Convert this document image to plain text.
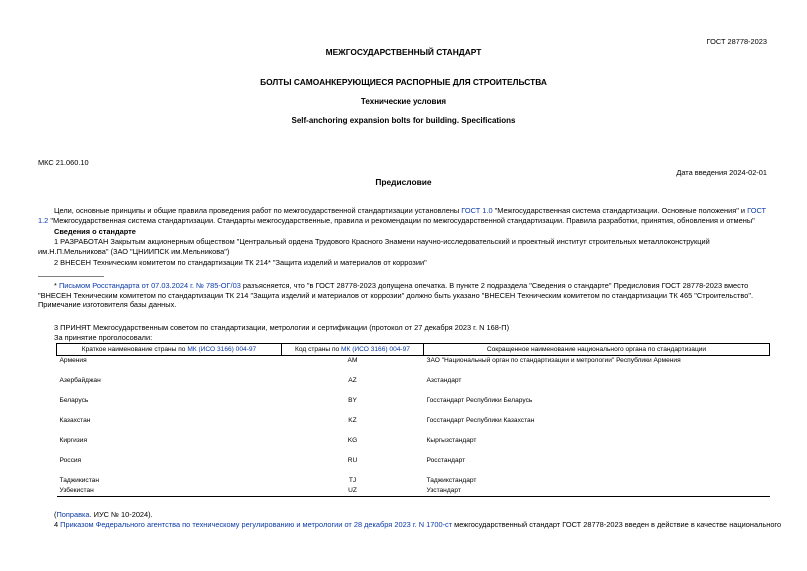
ГОСТ 28778-2023
МЕЖГОСУДАРСТВЕННЫЙ СТАНДАРТ
БОЛТЫ САМОАНКЕРУЮЩИЕСЯ РАСПОРНЫЕ ДЛЯ СТРОИТЕЛЬСТВА
Технические условия
Self-anchoring expansion bolts for building. Specifications
МКС 21.060.10
Дата введения 2024-02-01
Предисловие
Цели, основные принципы и общие правила проведения работ по межгосударственной стандартизации установлены ГОСТ 1.0 "Межгосударственная система стандартизации. Основные положения" и ГОСТ 1.2 "Межгосударственная система стандартизации. Стандарты межгосударственные, правила и рекомендации по межгосударственной стандартизации. Правила разработки, принятия, обновления и отмены"
Сведения о стандарте
1 РАЗРАБОТАН Закрытым акционерным обществом "Центральный ордена Трудового Красного Знамени научно-исследовательский и проектный институт строительных металлоконструкций им.Н.П.Мельникова" (ЗАО "ЦНИИПСК им.Мельникова")
2 ВНЕСЕН Техническим комитетом по стандартизации ТК 214* "Защита изделий и материалов от коррозии"
* Письмом Росстандарта от 07.03.2024 г. № 785-ОГ/03 разъясняется, что "в ГОСТ 28778-2023 допущена опечатка. В пункте 2 подраздела "Сведения о стандарте" Предисловия ГОСТ 28778-2023 вместо "ВНЕСЕН Техническим комитетом по стандартизации ТК 214 "Защита изделий и материалов от коррозии" должно быть указано "ВНЕСЕН Техническим комитетом по стандартизации ТК 465 "Строительство". Примечание изготовителя базы данных.
3 ПРИНЯТ Межгосударственным советом по стандартизации, метрологии и сертификации (протокол от 27 декабря 2023 г. N 168-П)
За принятие проголосовали:
Краткое наименование страны по МК (ИСО 3166) 004-97	Код страны по МК (ИСО 3166) 004-97	Сокращенное наименование национального органа по стандартизации
Армения	AM	ЗАО "Национальный орган по стандартизации и метрологии" Республики Армения
Азербайджан	AZ	Азстандарт
Беларусь	BY	Госстандарт Республики Беларусь
Казахстан	KZ	Госстандарт Республики Казахстан
Киргизия	KG	Кыргызстандарт
Россия	RU	Росстандарт
Таджикистан	TJ	Таджикстандарт
Узбекистан	UZ	Узстандарт
(Поправка. ИУС № 10-2024).
4 Приказом Федерального агентства по техническому регулированию и метрологии от 28 декабря 2023 г. N 1700-ст межгосударственный стандарт ГОСТ 28778-2023 введен в действие в качестве национального
